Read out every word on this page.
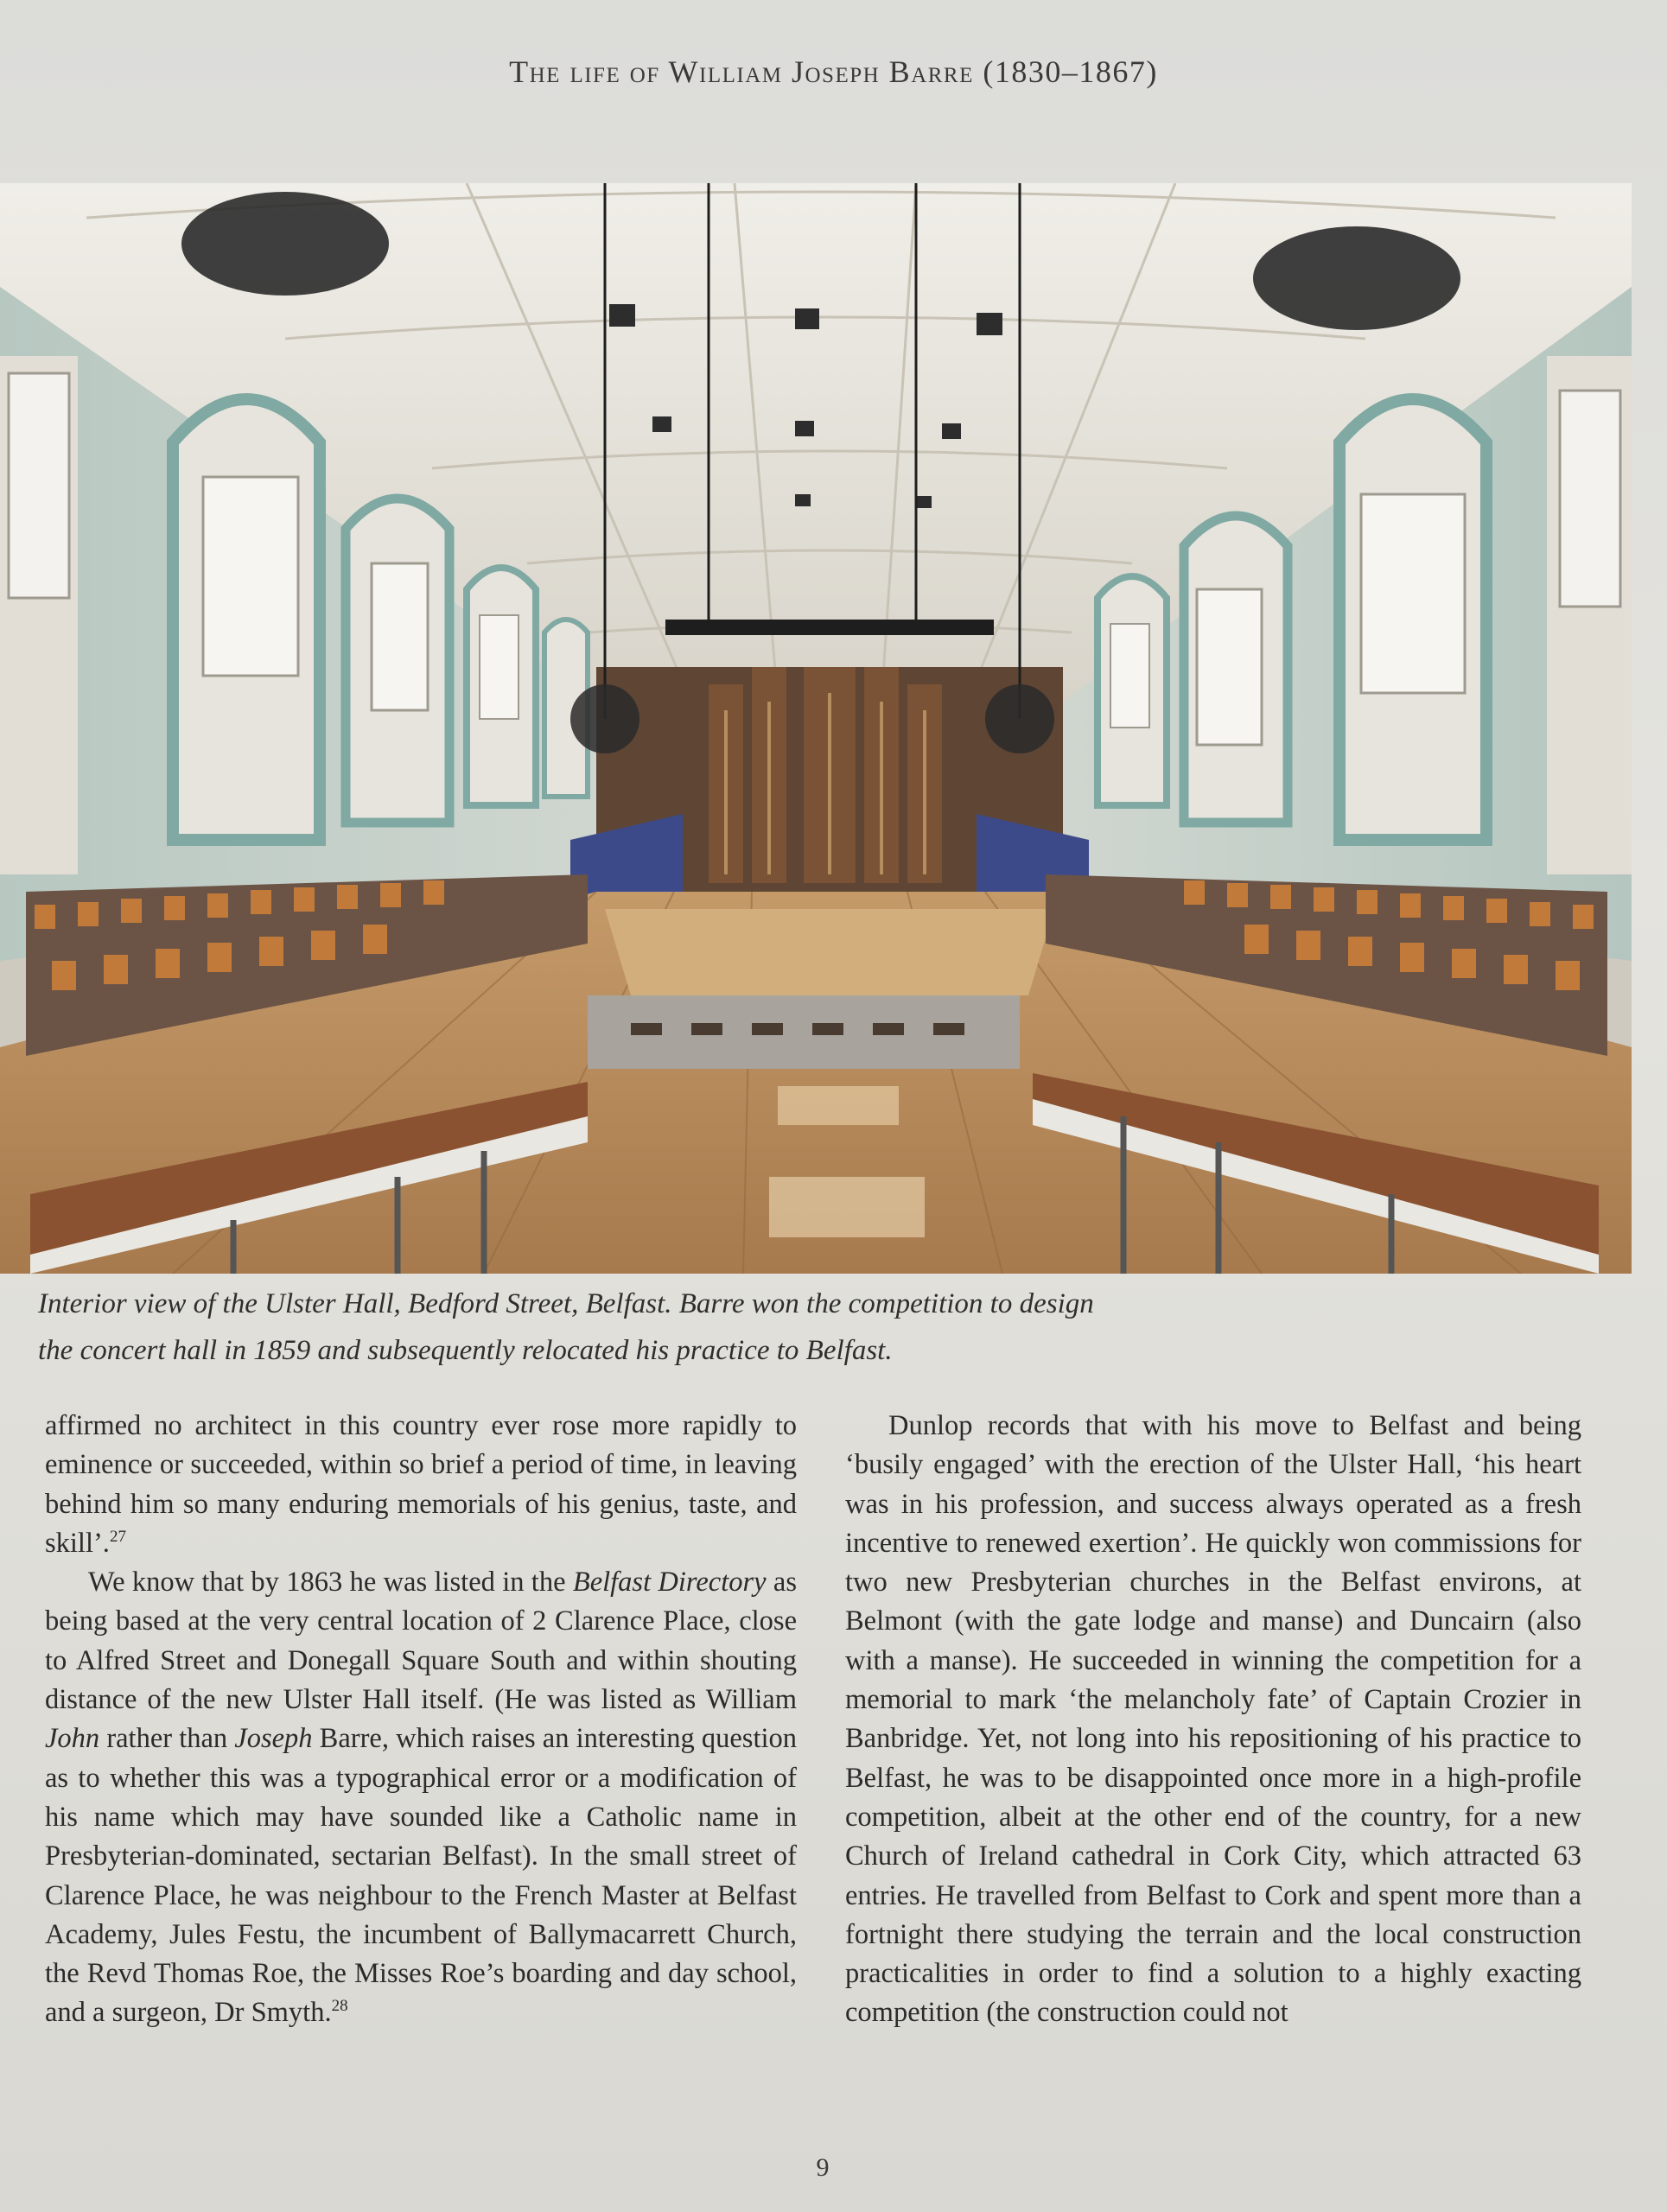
The life of William Joseph Barre (1830–1867)
Interior view of the Ulster Hall, Bedford Street, Belfast. Barre won the competition to design
the concert hall in 1859 and subsequently relocated his practice to Belfast.

affirmed no architect in this country ever rose more rapidly to eminence or succeeded, within so brief a period of time, in leaving behind him so many enduring memorials of his genius, taste, and skill’.$^{27}$

We know that by 1863 he was listed in the Belfast Directory as being based at the very central location of 2 Clarence Place, close to Alfred Street and Donegall Square South and within shouting distance of the new Ulster Hall itself. (He was listed as William John rather than Joseph Barre, which raises an interesting question as to whether this was a typographical error or a modification of his name which may have sounded like a Catholic name in Presbyterian-dominated, sectarian Belfast). In the small street of Clarence Place, he was neighbour to the French Master at Belfast Academy, Jules Festu, the incumbent of Ballymacarrett Church, the Revd Thomas Roe, the Misses Roe’s boarding and day school, and a surgeon, Dr Smyth.$^{28}$

Dunlop records that with his move to Belfast and being ‘busily engaged’ with the erection of the Ulster Hall, ‘his heart was in his profession, and success always operated as a fresh incentive to renewed exertion’. He quickly won commissions for two new Presbyterian churches in the Belfast environs, at Belmont (with the gate lodge and manse) and Duncairn (also with a manse). He succeeded in winning the competition for a memorial to mark ‘the melancholy fate’ of Captain Crozier in Banbridge. Yet, not long into his repositioning of his practice to Belfast, he was to be disappointed once more in a high-profile competition, albeit at the other end of the country, for a new Church of Ireland cathedral in Cork City, which attracted 63 entries. He travelled from Belfast to Cork and spent more than a fortnight there studying the terrain and the local construction practicalities in order to find a solution to a highly exacting competition (the construction could not

9
